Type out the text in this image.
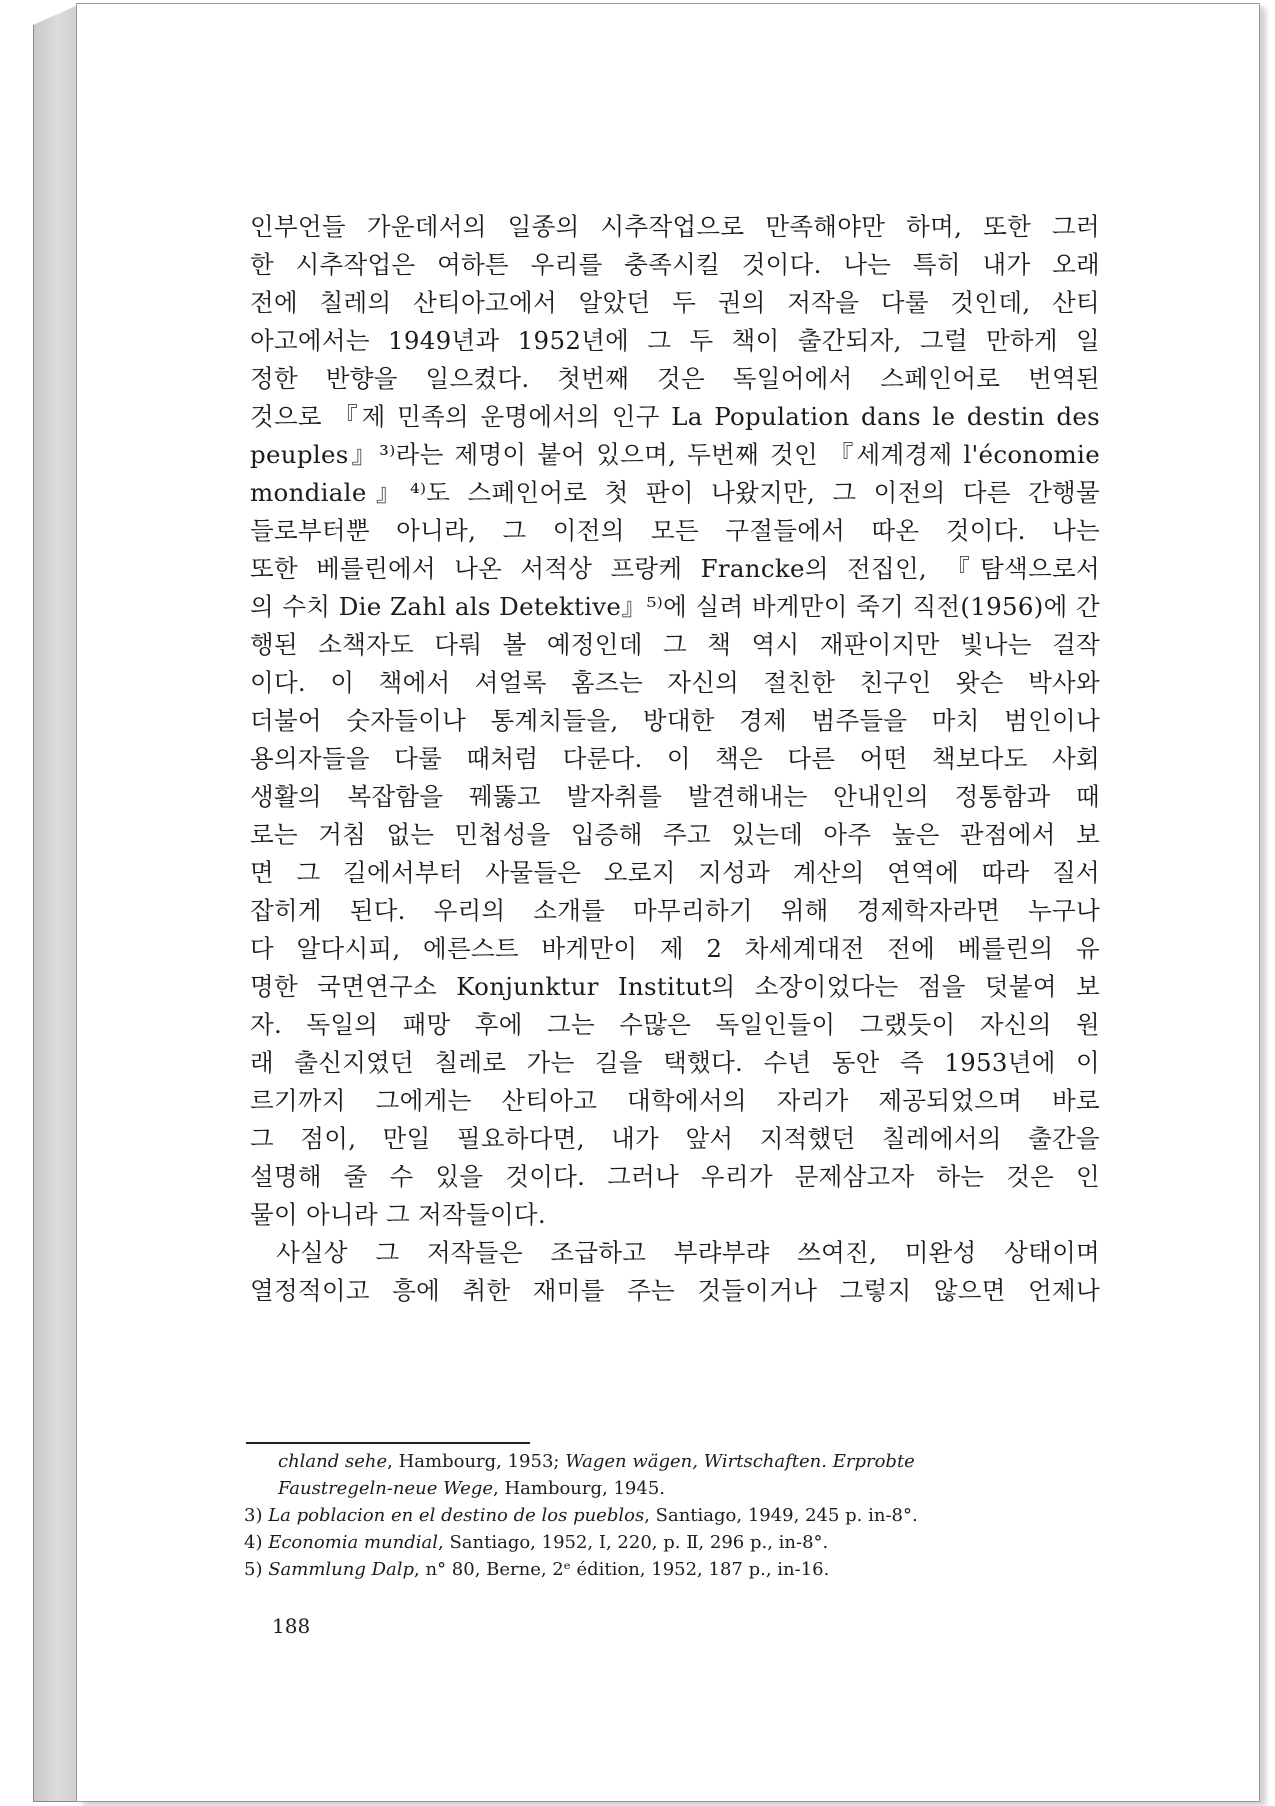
인부언들 가운데서의 일종의 시추작업으로 만족해야만 하며, 또한 그러
한 시추작업은 여하튼 우리를 충족시킬 것이다. 나는 특히 내가 오래
전에 칠레의 산티아고에서 알았던 두 권의 저작을 다룰 것인데, 산티
아고에서는 1949년과 1952년에 그 두 책이 출간되자, 그럴 만하게 일
정한 반향을 일으켰다. 첫번째 것은 독일어에서 스페인어로 번역된
것으로 『제 민족의 운명에서의 인구 La Population dans le destin des
peuples』³⁾라는 제명이 붙어 있으며, 두번째 것인 『세계경제 l'économie
mondiale』⁴⁾도 스페인어로 첫 판이 나왔지만, 그 이전의 다른 간행물
들로부터뿐 아니라, 그 이전의 모든 구절들에서 따온 것이다. 나는
또한 베를린에서 나온 서적상 프랑케 Francke의 전집인, 『탐색으로서
의 수치 Die Zahl als Detektive』⁵⁾에 실려 바게만이 죽기 직전(1956)에 간
행된 소책자도 다뤄 볼 예정인데 그 책 역시 재판이지만 빛나는 걸작
이다. 이 책에서 셔얼록 홈즈는 자신의 절친한 친구인 왓슨 박사와
더불어 숫자들이나 통계치들을, 방대한 경제 범주들을 마치 범인이나
용의자들을 다룰 때처럼 다룬다. 이 책은 다른 어떤 책보다도 사회
생활의 복잡함을 꿰뚫고 발자취를 발견해내는 안내인의 정통함과 때
로는 거침 없는 민첩성을 입증해 주고 있는데 아주 높은 관점에서 보
면 그 길에서부터 사물들은 오로지 지성과 계산의 연역에 따라 질서
잡히게 된다. 우리의 소개를 마무리하기 위해 경제학자라면 누구나
다 알다시피, 에른스트 바게만이 제 2 차세계대전 전에 베를린의 유
명한 국면연구소 Konjunktur Institut의 소장이었다는 점을 덧붙여 보
자. 독일의 패망 후에 그는 수많은 독일인들이 그랬듯이 자신의 원
래 출신지였던 칠레로 가는 길을 택했다. 수년 동안 즉 1953년에 이
르기까지 그에게는 산티아고 대학에서의 자리가 제공되었으며 바로
그 점이, 만일 필요하다면, 내가 앞서 지적했던 칠레에서의 출간을
설명해 줄 수 있을 것이다. 그러나 우리가 문제삼고자 하는 것은 인
물이 아니라 그 저작들이다.
사실상 그 저작들은 조급하고 부랴부랴 쓰여진, 미완성 상태이며
열정적이고 흥에 취한 재미를 주는 것들이거나 그렇지 않으면 언제나
chland sehe, Hambourg, 1953; Wagen wägen, Wirtschaften. Erprobte
Faustregeln-neue Wege, Hambourg, 1945.
3) La poblacion en el destino de los pueblos, Santiago, 1949, 245 p. in-8°.
4) Economia mundial, Santiago, 1952, Ⅰ, 220, p. Ⅱ, 296 p., in-8°.
5) Sammlung Dalp, n° 80, Berne, 2ᵉ édition, 1952, 187 p., in-16.
188
